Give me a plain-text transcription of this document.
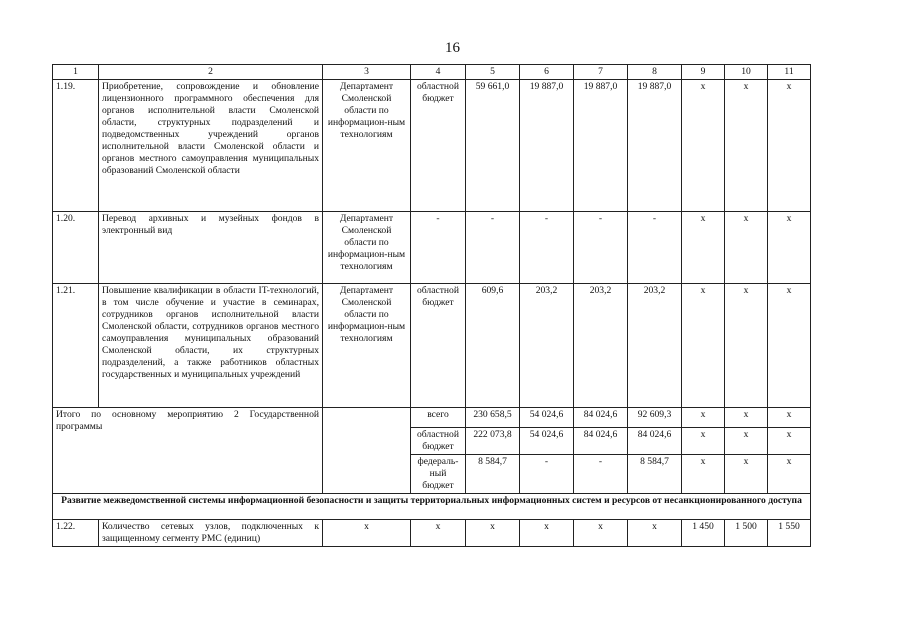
16
1	2	3	4	5	6	7	8	9	10	11
1.19.	Приобретение, сопровождение и обновление лицензионного программного обеспечения для органов исполнительной власти Смоленской области, структурных подразделений и подведомственных учреждений органов исполнительной власти Смоленской области и органов местного самоуправления муниципальных образований Смоленской области	Департамент Смоленской области по информацион-ным технологиям	областной бюджет	59 661,0	19 887,0	19 887,0	19 887,0	х	х	х
1.20.	Перевод архивных и музейных фондов в электронный вид	Департамент Смоленской области по информацион-ным технологиям	-	-	-	-	-	х	х	х
1.21.	Повышение квалификации в области IT-технологий, в том числе обучение и участие в семинарах, сотрудников органов исполнительной власти Смоленской области, сотрудников органов местного самоуправления муниципальных образований Смоленской области, их структурных подразделений, а также работников областных государственных и муниципальных учреждений	Департамент Смоленской области по информацион-ным технологиям	областной бюджет	609,6	203,2	203,2	203,2	х	х	х
Итого по основному мероприятию 2 Государственной программы			всего	230 658,5	54 024,6	84 024,6	92 609,3	х	х	х
			областной бюджет	222 073,8	54 024,6	84 024,6	84 024,6	х	х	х
			федераль-ный бюджет	8 584,7	-	-	8 584,7	х	х	х
Развитие межведомственной системы информационной безопасности и защиты территориальных информационных систем и ресурсов от несанкционированного доступа										
1.22.	Количество сетевых узлов, подключенных к защищенному сегменту РМС (единиц)	х	х	х	х	х	х	1 450	1 500	1 550
